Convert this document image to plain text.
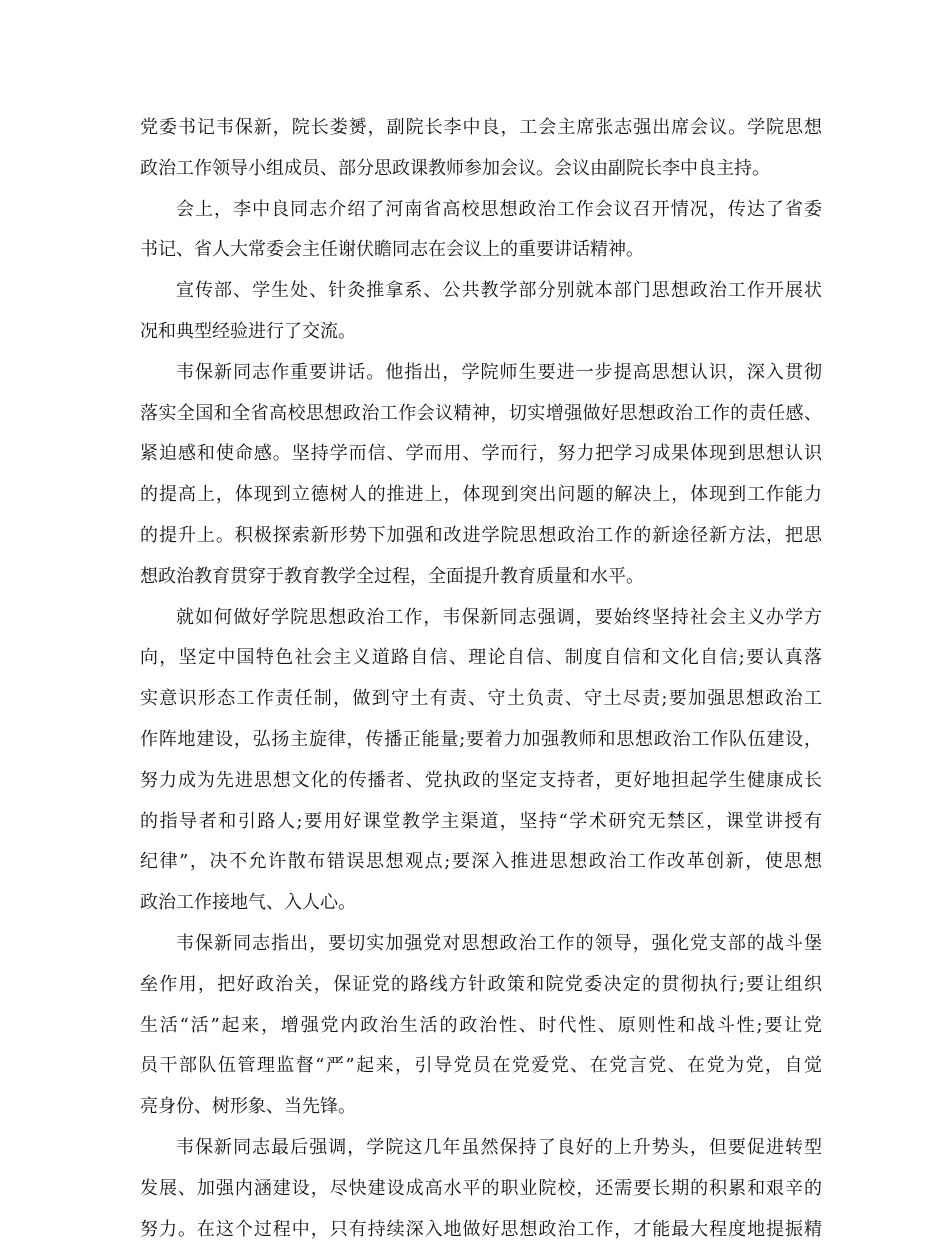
党委书记韦保新，院长娄赟，副院长李中良，工会主席张志强出席会议。学院思想
政治工作领导小组成员、部分思政课教师参加会议。会议由副院长李中良主持。
会上，李中良同志介绍了河南省高校思想政治工作会议召开情况，传达了省委
书记、省人大常委会主任谢伏瞻同志在会议上的重要讲话精神。
宣传部、学生处、针灸推拿系、公共教学部分别就本部门思想政治工作开展状
况和典型经验进行了交流。
韦保新同志作重要讲话。他指出，学院师生要进一步提高思想认识，深入贯彻
落实全国和全省高校思想政治工作会议精神，切实增强做好思想政治工作的责任感、
紧迫感和使命感。坚持学而信、学而用、学而行，努力把学习成果体现到思想认识
的提高上，体现到立德树人的推进上，体现到突出问题的解决上，体现到工作能力
的提升上。积极探索新形势下加强和改进学院思想政治工作的新途径新方法，把思
想政治教育贯穿于教育教学全过程，全面提升教育质量和水平。
就如何做好学院思想政治工作，韦保新同志强调，要始终坚持社会主义办学方
向，坚定中国特色社会主义道路自信、理论自信、制度自信和文化自信;要认真落
实意识形态工作责任制，做到守土有责、守土负责、守土尽责;要加强思想政治工
作阵地建设，弘扬主旋律，传播正能量;要着力加强教师和思想政治工作队伍建设，
努力成为先进思想文化的传播者、党执政的坚定支持者，更好地担起学生健康成长
的指导者和引路人;要用好课堂教学主渠道，坚持“学术研究无禁区，课堂讲授有
纪律”，决不允许散布错误思想观点;要深入推进思想政治工作改革创新，使思想
政治工作接地气、入人心。
韦保新同志指出，要切实加强党对思想政治工作的领导，强化党支部的战斗堡
垒作用，把好政治关，保证党的路线方针政策和院党委决定的贯彻执行;要让组织
生活“活”起来，增强党内政治生活的政治性、时代性、原则性和战斗性;要让党
员干部队伍管理监督“严”起来，引导党员在党爱党、在党言党、在党为党，自觉
亮身份、树形象、当先锋。
韦保新同志最后强调，学院这几年虽然保持了良好的上升势头，但要促进转型
发展、加强内涵建设，尽快建设成高水平的职业院校，还需要长期的积累和艰辛的
努力。在这个过程中，只有持续深入地做好思想政治工作，才能最大程度地提振精
